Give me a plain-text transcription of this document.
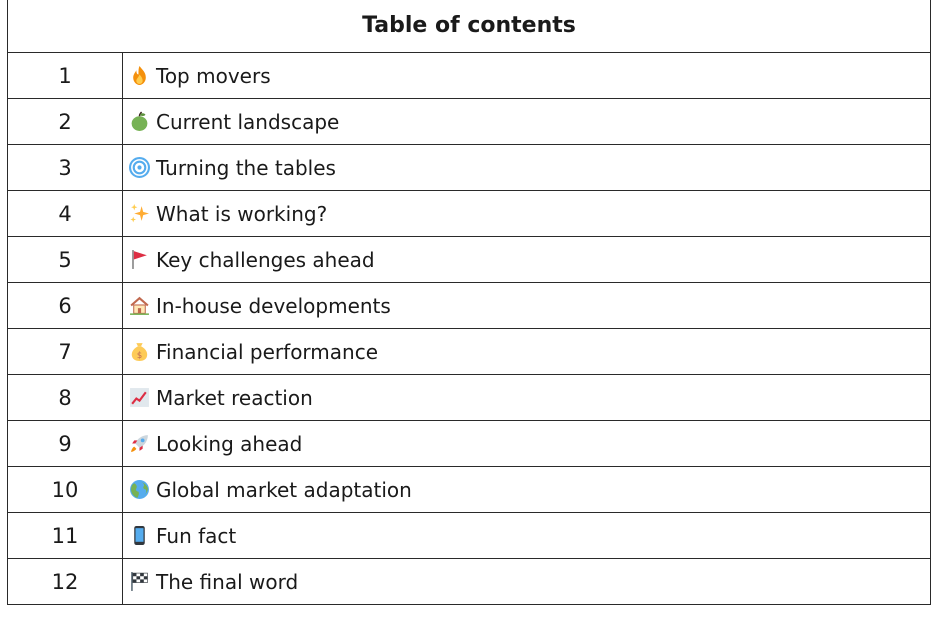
Table of contents	
1	Top movers

2	Current landscape

3	Turning the tables

4	What is working?

5	Key challenges ahead

6	In-house developments

7	$ Financial performance

8	Market reaction

9	Looking ahead

10	Global market adaptation

11	Fun fact

12	The final word
